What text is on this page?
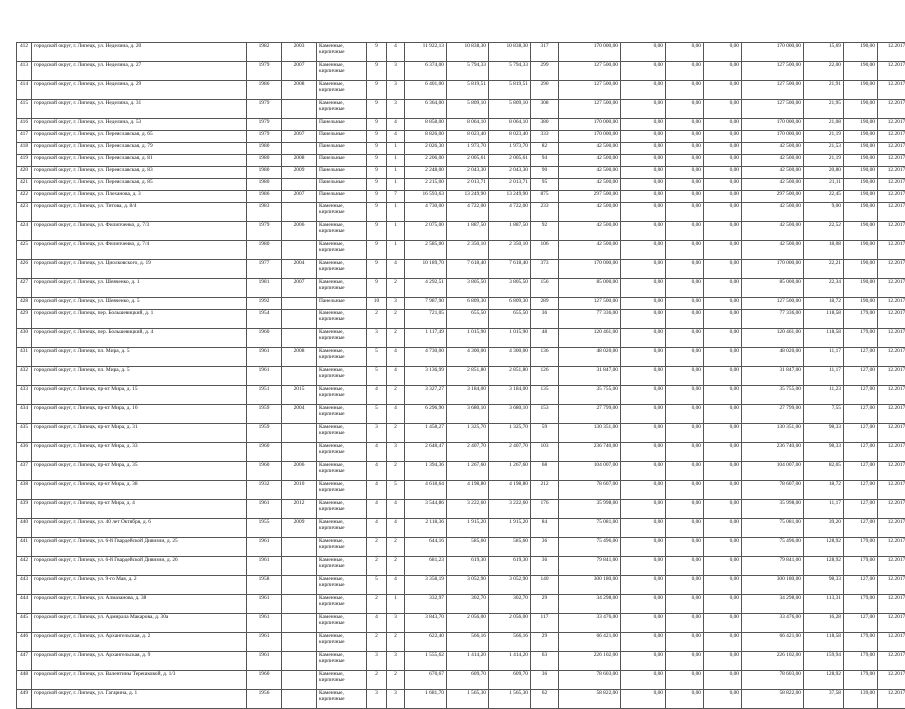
412	городской округ, г. Липецк, ул. Неделина, д. 20	1982	2003	Каменные, кирпичные	9	4	11 922,13	10 838,30	10 838,30	317	170 000,00	0,00	0,00	0,00	170 000,00	15,69	190,00	12.2017
413	городской округ, г. Липецк, ул. Неделина, д. 27	1979	2007	Каменные, кирпичные	9	3	6 374,00	5 794,33	5 794,33	299	127 500,00	0,00	0,00	0,00	127 500,00	22,00	190,00	12.2017
414	городской округ, г. Липецк, ул. Неделина, д. 29	1986	2008	Каменные, кирпичные	9	3	6 401,00	5 819,51	5 819,51	290	127 500,00	0,00	0,00	0,00	127 500,00	21,91	190,00	12.2017
415	городской округ, г. Липецк, ул. Неделина, д. 31	1979		Каменные, кирпичные	9	3	6 364,00	5 809,10	5 809,10	308	127 500,00	0,00	0,00	0,00	127 500,00	21,95	190,00	12.2017
416	городской округ, г. Липецк, ул. Неделина, д. 53	1979		Панельные	9	4	8 858,00	8 064,10	8 064,10	380	170 000,00	0,00	0,00	0,00	170 000,00	21,08	190,00	12.2017
417	городской округ, г. Липецк, ул. Переяславская, д. 65	1979	2007	Панельные	9	4	8 826,00	8 023,40	8 023,40	333	170 000,00	0,00	0,00	0,00	170 000,00	21,19	190,00	12.2017
418	городской округ, г. Липецк, ул. Переяславская, д. 79	1980		Панельные	9	1	2 026,30	1 973,70	1 973,70	82	42 500,00	0,00	0,00	0,00	42 500,00	21,53	190,00	12.2017
419	городской округ, г. Липецк, ул. Переяславская, д. 81	1980	2008	Панельные	9	1	2 206,00	2 005,61	2 005,61	94	42 500,00	0,00	0,00	0,00	42 500,00	21,19	190,00	12.2017
420	городской округ, г. Липецк, ул. Переяславская, д. 83	1980	2009	Панельные	9	1	2 248,00	2 043,30	2 043,30	90	42 500,00	0,00	0,00	0,00	42 500,00	20,80	190,00	12.2017
421	городской округ, г. Липецк, ул. Переяславская, д. 85	1980		Панельные	9	1	2 215,00	2 013,71	2 013,71	95	42 500,00	0,00	0,00	0,00	42 500,00	21,11	190,00	12.2017
422	городской округ, г. Липецк, ул. Плеханова, д. 3	1986	2007	Панельные	9	7	16 593,63	13 249,90	13 249,90	875	297 500,00	0,00	0,00	0,00	297 500,00	22,45	190,00	12.2017
423	городской округ, г. Липецк, ул. Титова, д. 8/4	1983		Каменные, кирпичные	9	1	4 730,00	4 722,00	4 722,00	233	42 500,00	0,00	0,00	0,00	42 500,00	9,00	190,00	12.2017
424	городской округ, г. Липецк, ул. Филипченко, д. 7/3	1979	2006	Каменные, кирпичные	9	1	2 075,00	1 887,50	1 887,50	92	42 500,00	0,00	0,00	0,00	42 500,00	22,52	190,00	12.2017
425	городской округ, г. Липецк, ул. Филипченко, д. 7/4	1980		Каменные, кирпичные	9	1	2 585,00	2 350,10	2 350,10	106	42 500,00	0,00	0,00	0,00	42 500,00	18,08	190,00	12.2017
426	городской округ, г. Липецк, ул. Циолковского, д. 19	1977	2004	Каменные, кирпичные	9	4	10 189,70	7 618,40	7 618,40	373	170 000,00	0,00	0,00	0,00	170 000,00	22,21	190,00	12.2017
427	городской округ, г. Липецк, ул. Шевченко, д. 1	1981	2007	Каменные, кирпичные	9	2	4 292,51	3 805,50	3 805,50	156	85 000,00	0,00	0,00	0,00	85 000,00	22,34	190,00	12.2017
428	городской округ, г. Липецк, ул. Шевченко, д. 5	1992		Панельные	10	3	7 987,90	6 809,30	6 809,30	289	127 500,00	0,00	0,00	0,00	127 500,00	18,72	190,00	12.2017
429	городской округ, г. Липецк, пер. Большевицкий, д. 1	1954		Каменные, кирпичные	2	2	721,05	655,50	655,50	36	77 336,00	0,00	0,00	0,00	77 336,00	118,58	179,00	12.2017
430	городской округ, г. Липецк, пер. Большевицкий, д. 4	1960		Каменные, кирпичные	3	2	1 117,49	1 015,90	1 015,90	48	120 461,00	0,00	0,00	0,00	120 461,00	118,58	179,00	12.2017
431	городской округ, г. Липецк, пл. Мира, д. 5	1961	2008	Каменные, кирпичные	5	4	4 730,00	4 300,00	4 300,00	136	48 020,00	0,00	0,00	0,00	48 020,00	11,17	127,00	12.2017
432	городской округ, г. Липецк, пл. Мира, д. 5	1961		Каменные, кирпичные	5	4	3 136,99	2 851,80	2 851,80	126	31 847,00	0,00	0,00	0,00	31 847,00	11,17	127,00	12.2017
433	городской округ, г. Липецк, пр-кт Мира, д. 15	1951	2015	Каменные, кирпичные	4	2	3 327,27	3 184,00	3 184,00	135	35 755,00	0,00	0,00	0,00	35 755,00	11,23	127,00	12.2017
434	городской округ, г. Липецк, пр-кт Мира, д. 16	1959	2004	Каменные, кирпичные	5	4	6 296,90	3 680,10	3 680,10	153	27 799,00	0,00	0,00	0,00	27 799,00	7,55	127,00	12.2017
435	городской округ, г. Липецк, пр-кт Мира, д. 31	1959		Каменные, кирпичные	3	2	1 458,27	1 325,70	1 325,70	59	130 351,00	0,00	0,00	0,00	130 351,00	98,33	127,00	12.2017
436	городской округ, г. Липецк, пр-кт Мира, д. 33	1960		Каменные, кирпичные	4	3	2 648,47	2 407,70	2 407,70	103	236 740,00	0,00	0,00	0,00	236 740,00	98,33	127,00	12.2017
437	городской округ, г. Липецк, пр-кт Мира, д. 35	1960	2006	Каменные, кирпичные	4	2	1 394,36	1 267,60	1 267,60	68	104 007,00	0,00	0,00	0,00	104 007,00	82,05	127,00	12.2017
438	городской округ, г. Липецк, пр-кт Мира, д. 38	1932	2010	Каменные, кирпичные	4	5	4 618,64	4 198,80	4 198,80	212	78 607,00	0,00	0,00	0,00	78 607,00	18,72	127,00	12.2017
439	городской округ, г. Липецк, пр-кт Мира, д. 4	1961	2012	Каменные, кирпичные	4	4	3 544,86	3 222,60	3 222,60	176	35 998,00	0,00	0,00	0,00	35 998,00	11,17	127,00	12.2017
440	городской округ, г. Липецк, ул. 40 лет Октября, д. 6	1955	2009	Каменные, кирпичные	4	4	2 118,36	1 915,20	1 915,20	84	75 081,00	0,00	0,00	0,00	75 081,00	39,20	127,00	12.2017
441	городской округ, г. Липецк, ул. 6-й Гвардейской Дивизии, д. 25	1961		Каменные, кирпичные	2	2	644,16	585,60	585,60	36	75 496,00	0,00	0,00	0,00	75 496,00	128,92	179,00	12.2017
442	городской округ, г. Липецк, ул. 6-й Гвардейской Дивизии, д. 26	1961		Каменные, кирпичные	2	2	681,23	619,30	619,30	36	79 841,00	0,00	0,00	0,00	79 841,00	128,92	179,00	12.2017
443	городской округ, г. Липецк, ул. 9-го Мая, д. 2	1958		Каменные, кирпичные	5	4	3 358,19	3 052,90	3 052,90	140	300 180,00	0,00	0,00	0,00	300 180,00	98,33	127,00	12.2017
444	городской округ, г. Липецк, ул. Алмазанова, д. 38	1961		Каменные, кирпичные	2	1	332,97	302,70	302,70	29	34 298,00	0,00	0,00	0,00	34 298,00	113,31	179,00	12.2017
445	городской округ, г. Липецк, ул. Адмирала Макарова, д. 30а	1961		Каменные, кирпичные	4	3	3 843,70	2 056,00	2 056,00	117	33 476,00	0,00	0,00	0,00	33 476,00	16,28	127,00	12.2017
446	городской округ, г. Липецк, ул. Архангельская, д. 2	1961		Каменные, кирпичные	2	2	622,40	566,16	566,16	29	66 421,00	0,00	0,00	0,00	66 421,00	118,58	179,00	12.2017
447	городской округ, г. Липецк, ул. Архангельская, д. 9	1961		Каменные, кирпичные	3	3	1 555,62	1 414,20	1 414,20	63	226 102,00	0,00	0,00	0,00	226 102,00	159,94	179,00	12.2017
448	городской округ, г. Липецк, ул. Валентины Терешковой, д. 1/3	1960		Каменные, кирпичные	2	2	670,67	609,70	609,70	36	78 603,00	0,00	0,00	0,00	78 603,00	128,92	179,00	12.2017
449	городской округ, г. Липецк, ул. Гагарина, д. 1	1956		Каменные, кирпичные	3	3	1 681,70	1 565,30	1 565,30	62	58 822,00	0,00	0,00	0,00	58 822,00	37,58	139,00	12.2017
